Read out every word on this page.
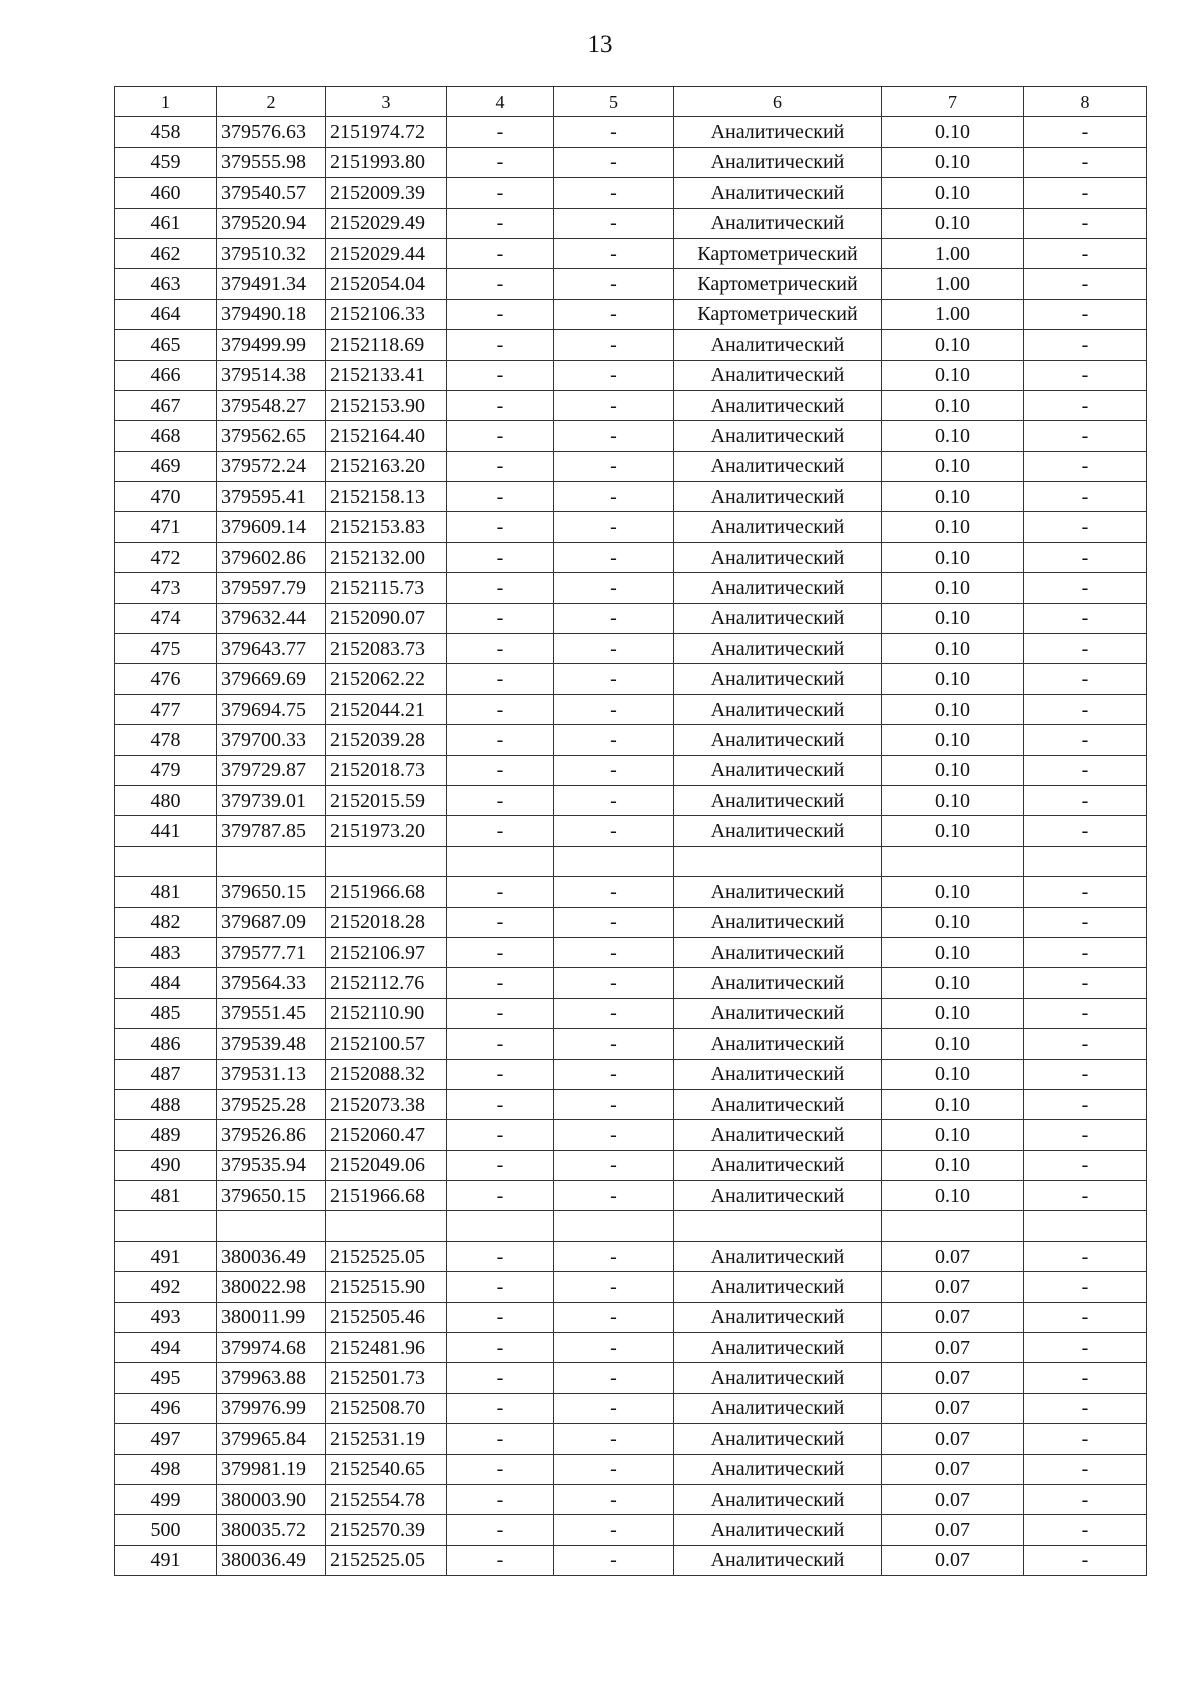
13
1	2	3	4	5	6	7	8
458	379576.63	2151974.72	-	-	Аналитический	0.10	-
459	379555.98	2151993.80	-	-	Аналитический	0.10	-
460	379540.57	2152009.39	-	-	Аналитический	0.10	-
461	379520.94	2152029.49	-	-	Аналитический	0.10	-
462	379510.32	2152029.44	-	-	Картометрический	1.00	-
463	379491.34	2152054.04	-	-	Картометрический	1.00	-
464	379490.18	2152106.33	-	-	Картометрический	1.00	-
465	379499.99	2152118.69	-	-	Аналитический	0.10	-
466	379514.38	2152133.41	-	-	Аналитический	0.10	-
467	379548.27	2152153.90	-	-	Аналитический	0.10	-
468	379562.65	2152164.40	-	-	Аналитический	0.10	-
469	379572.24	2152163.20	-	-	Аналитический	0.10	-
470	379595.41	2152158.13	-	-	Аналитический	0.10	-
471	379609.14	2152153.83	-	-	Аналитический	0.10	-
472	379602.86	2152132.00	-	-	Аналитический	0.10	-
473	379597.79	2152115.73	-	-	Аналитический	0.10	-
474	379632.44	2152090.07	-	-	Аналитический	0.10	-
475	379643.77	2152083.73	-	-	Аналитический	0.10	-
476	379669.69	2152062.22	-	-	Аналитический	0.10	-
477	379694.75	2152044.21	-	-	Аналитический	0.10	-
478	379700.33	2152039.28	-	-	Аналитический	0.10	-
479	379729.87	2152018.73	-	-	Аналитический	0.10	-
480	379739.01	2152015.59	-	-	Аналитический	0.10	-
441	379787.85	2151973.20	-	-	Аналитический	0.10	-

481	379650.15	2151966.68	-	-	Аналитический	0.10	-
482	379687.09	2152018.28	-	-	Аналитический	0.10	-
483	379577.71	2152106.97	-	-	Аналитический	0.10	-
484	379564.33	2152112.76	-	-	Аналитический	0.10	-
485	379551.45	2152110.90	-	-	Аналитический	0.10	-
486	379539.48	2152100.57	-	-	Аналитический	0.10	-
487	379531.13	2152088.32	-	-	Аналитический	0.10	-
488	379525.28	2152073.38	-	-	Аналитический	0.10	-
489	379526.86	2152060.47	-	-	Аналитический	0.10	-
490	379535.94	2152049.06	-	-	Аналитический	0.10	-
481	379650.15	2151966.68	-	-	Аналитический	0.10	-

491	380036.49	2152525.05	-	-	Аналитический	0.07	-
492	380022.98	2152515.90	-	-	Аналитический	0.07	-
493	380011.99	2152505.46	-	-	Аналитический	0.07	-
494	379974.68	2152481.96	-	-	Аналитический	0.07	-
495	379963.88	2152501.73	-	-	Аналитический	0.07	-
496	379976.99	2152508.70	-	-	Аналитический	0.07	-
497	379965.84	2152531.19	-	-	Аналитический	0.07	-
498	379981.19	2152540.65	-	-	Аналитический	0.07	-
499	380003.90	2152554.78	-	-	Аналитический	0.07	-
500	380035.72	2152570.39	-	-	Аналитический	0.07	-
491	380036.49	2152525.05	-	-	Аналитический	0.07	-
